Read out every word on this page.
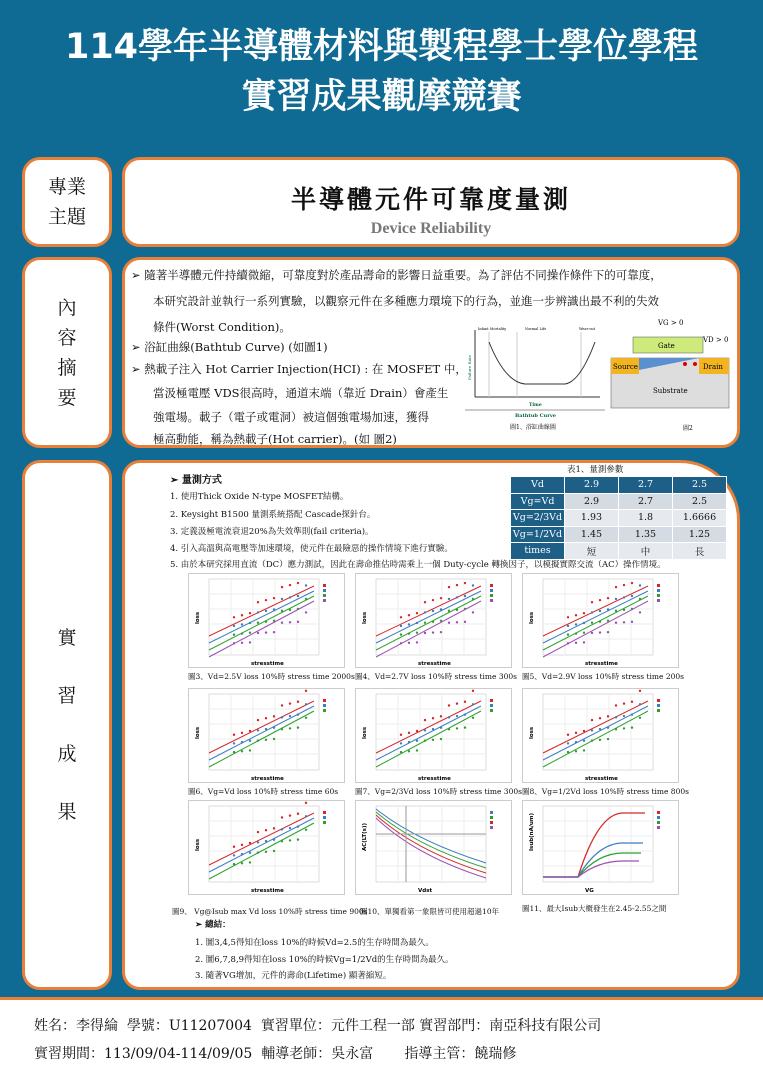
114學年半導體材料與製程學士學位學程
實習成果觀摩競賽
專業
主題
半導體元件可靠度量測
Device Reliability
內
容
摘
要
➢ 隨著半導體元件持續微縮，可靠度對於產品壽命的影響日益重要。為了評估不同操作條件下的可靠度，
本研究設計並執行一系列實驗，以觀察元件在多種應力環境下的行為，並進一步辨識出最不利的失效
條件(Worst Condition)。
➢ 浴缸曲線(Bathtub Curve) (如圖1)
➢ 熱載子注入 Hot Carrier Injection(HCI) : 在 MOSFET 中，
當汲極電壓 VDS很高時，通道末端（靠近 Drain）會產生
強電場。載子（電子或電洞）被這個強電場加速，獲得
極高動能，稱為熱載子(Hot carrier)。(如 圖2)
Infant Mortality	Normal Life	Wear-out
Failure Rate
Time
Bathtub Curve
圖1、浴缸曲線圖
VG > 0
VD > 0
Gate
Source	Drain
Substrate
圖2
實
習
成
果
➢ 量測方式
1. 使用Thick Oxide N-type MOSFET結構。
2. Keysight B1500 量測系統搭配 Cascade探針台。
3. 定義汲極電流衰退20%為失效準則(fail criteria)。
4. 引入高溫與高電壓等加速環境，使元件在最險惡的操作情境下進行實驗。
5. 由於本研究採用直流（DC）應力測試，因此在壽命推估時需乘上一個 Duty-cycle 轉換因子，以模擬實際交流（AC）操作情境。
表1、量測參數
Vd	2.9	2.7	2.5
Vg=Vd	2.9	2.7	2.5
Vg=2/3Vd	1.93	1.8	1.6666
Vg=1/2Vd	1.45	1.35	1.25
times	短	中	長
stresstime
loss
圖3、Vd=2.5V loss 10%時 stress time 2000s
stresstime
loss
圖4、Vd=2.7V loss 10%時 stress time 300s
stresstime
loss
圖5、Vd=2.9V loss 10%時 stress time 200s
stresstime
loss
圖6、Vg=Vd loss 10%時 stress time 60s
stresstime
loss
圖7、Vg=2/3Vd loss 10%時 stress time 300s
stresstime
loss
圖8、Vg=1/2Vd loss 10%時 stress time 800s
stresstime
loss
圖9、 Vg@Isub max Vd loss 10%時 stress time 900s
Vdst
AC(LT(s))
圖10、單獨看第一象限皆可使用超過10年
VG
Isub(nA/um)
圖11、最大Isub大概發生在2.45-2.55之間
➢ 總結：
1. 圖3,4,5得知在loss 10%的時候Vd=2.5的生存時間為最久。
2. 圖6,7,8,9得知在loss 10%的時候Vg=1/2Vd的生存時間為最久。
3. 隨著VG增加，元件的壽命(Lifetime) 顯著縮短。
姓名：李得綸  學號：U11207004  實習單位：元件工程一部 實習部門：南亞科技有限公司
實習期間：113/09/04-114/09/05  輔導老師：吳永富       指導主管：饒瑞修
